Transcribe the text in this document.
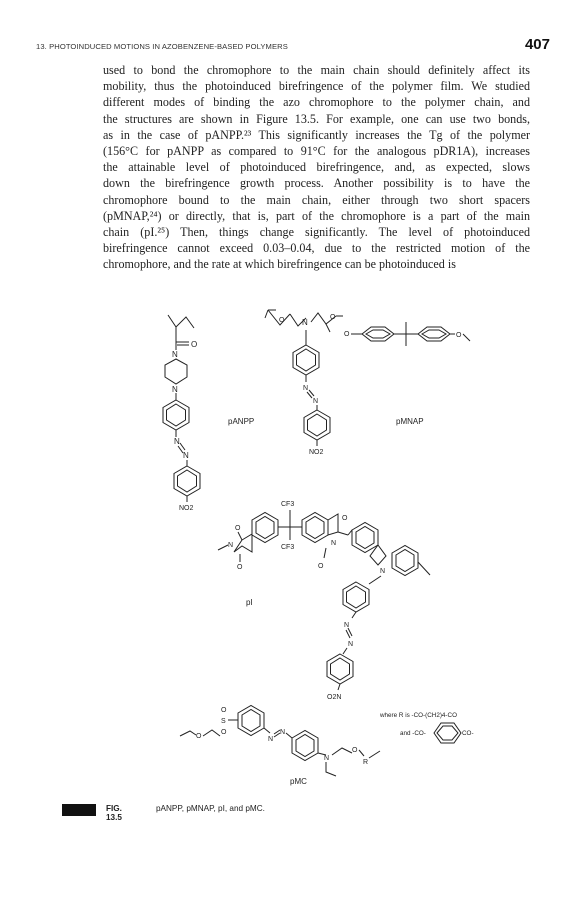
13. PHOTOINDUCED MOTIONS IN AZOBENZENE-BASED POLYMERS	407
used to bond the chromophore to the main chain should definitely affect its
mobility, thus the photoinduced birefringence of the polymer film. We studied
different modes of binding the azo chromophore to the polymer chain, and
the structures are shown in Figure 13.5. For example, one can use two bonds,
as in the case of pANPP.²³ This significantly increases the Tg of the polymer
(156°C for pANPP as compared to 91°C for the analogous pDR1A), increases
the attainable level of photoinduced birefringence, and, as expected, slows
down the birefringence growth process. Another possibility is to have the
chromophore bound to the main chain, either through two short spacers
(pMNAP,²⁴) or directly, that is, part of the chromophore is a part of the main
chain (pI.²⁵) Then, things change significantly. The level of photoinduced
birefringence cannot exceed 0.03–0.04, due to the restricted motion of the
chromophore, and the rate at which birefringence can be photoinduced is
O
N
N
N
N
NO2
pANPP
O N
O
O	O
N
N
NO2
pMNAP
O
N
O
CF3
CF3
O
N
O
N
N
N
O2N
pI
O
S
O
O
N
N
N
O
R
pMC
where R is -CO-(CH2)4-CO
and -CO-	CO-
FIG. 13.5
pANPP, pMNAP, pI, and pMC.
